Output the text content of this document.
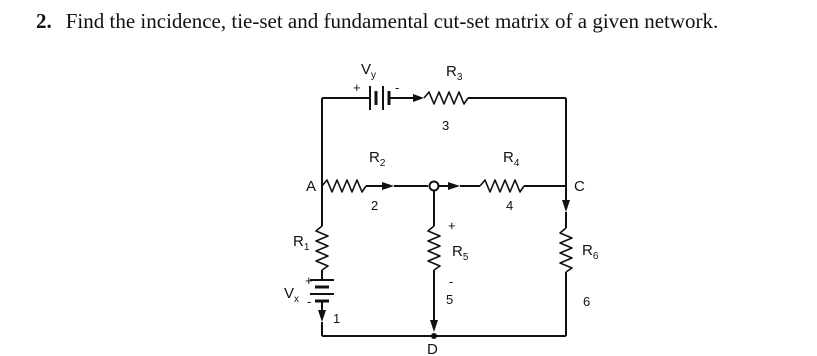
2. Find the incidence, tie-set and fundamental cut-set matrix of a given network.

A	C
D
$V_y$
+	-
$V_x$
+
-
$R_1$
$R_2$
$R_3$
$R_4$
$R_5$
+
-
$R_6$
1
2
3
4
5	6
